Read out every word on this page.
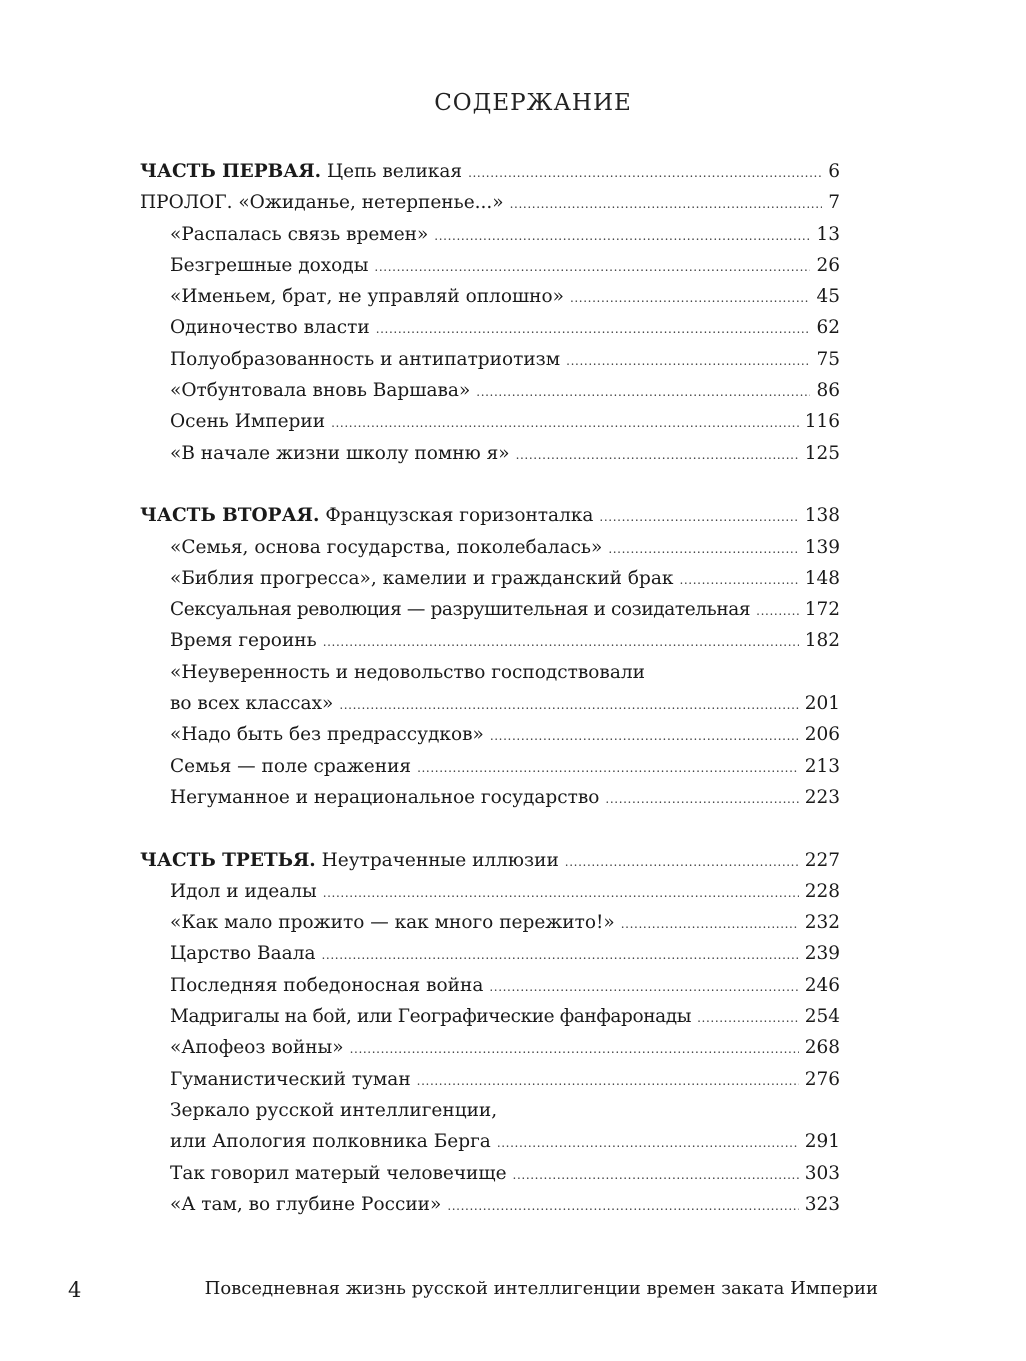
СОДЕРЖАНИЕ
ЧАСТЬ ПЕРВАЯ. Цепь великая . . .	6
ПРОЛОГ. «Ожиданье, нетерпенье...» . . .	7
«Распалась связь времен» . . .	13
Безгрешные доходы . . .	26
«Именьем, брат, не управляй оплошно» . . .	45
Одиночество власти . . .	62
Полуобразованность и антипатриотизм . . .	75
«Отбунтовала вновь Варшава» . . .	86
Осень Империи . . .	116
«В начале жизни школу помню я» . . .	125
ЧАСТЬ ВТОРАЯ. Французская горизонталка . . .	138
«Семья, основа государства, поколебалась» . . .	139
«Библия прогресса», камелии и гражданский брак . . .	148
Сексуальная революция — разрушительная и созидательная . . .	172
Время героинь . . .	182
«Неуверенность и недовольство господствовали
во всех классах» . . .	201
«Надо быть без предрассудков» . . .	206
Семья — поле сражения . . .	213
Негуманное и нерациональное государство . . .	223
ЧАСТЬ ТРЕТЬЯ. Неутраченные иллюзии . . .	227
Идол и идеалы . . .	228
«Как мало прожито — как много пережито!» . . .	232
Царство Ваала . . .	239
Последняя победоносная война . . .	246
Мадригалы на бой, или Географические фанфаронады . . .	254
«Апофеоз войны» . . .	268
Гуманистический туман . . .	276
Зеркало русской интеллигенции,
или Апология полковника Берга . . .	291
Так говорил матерый человечище . . .	303
«А там, во глубине России» . . .	323
4	Повседневная жизнь русской интеллигенции времен заката Империи
